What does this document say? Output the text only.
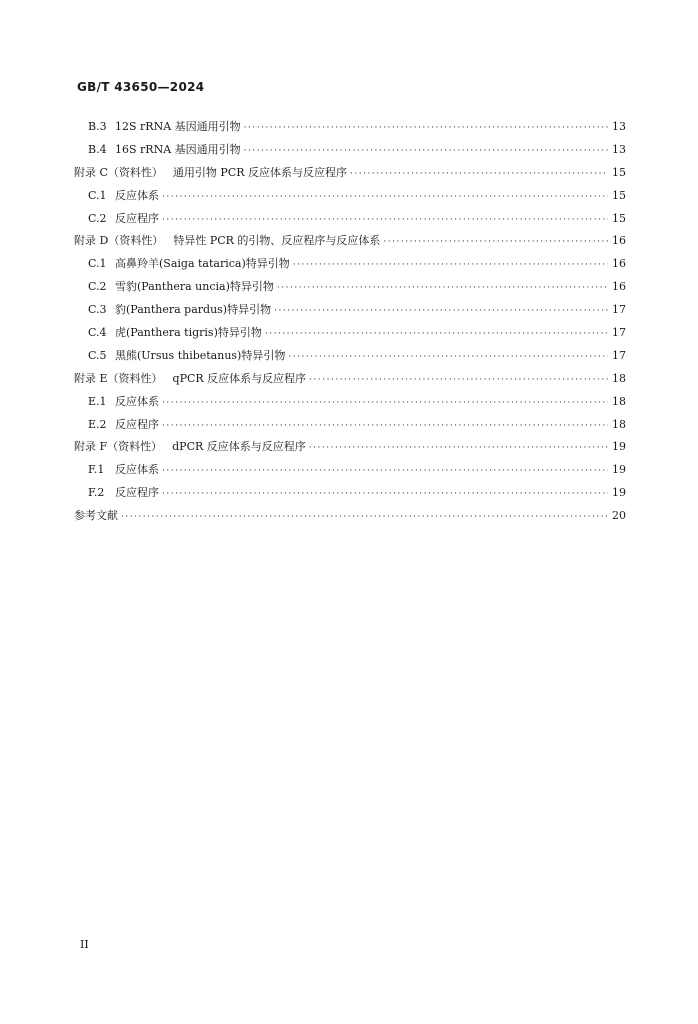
GB/T 43650—2024
B.3 12S rRNA 基因通用引物 ·····	13
B.4 16S rRNA 基因通用引物 ·····	13
附录 C（资料性） 通用引物 PCR 反应体系与反应程序 ·····	15
C.1 反应体系 ·····	15
C.2 反应程序 ·····	15
附录 D（资料性） 特异性 PCR 的引物、反应程序与反应体系 ·····	16
C.1 高鼻羚羊(Saiga tatarica)特异引物 ·····	16
C.2 雪豹(Panthera uncia)特异引物 ·····	16
C.3 豹(Panthera pardus)特异引物 ·····	17
C.4 虎(Panthera tigris)特异引物 ·····	17
C.5 黑熊(Ursus thibetanus)特异引物 ·····	17
附录 E（资料性） qPCR 反应体系与反应程序 ·····	18
E.1 反应体系 ·····	18
E.2 反应程序 ·····	18
附录 F（资料性） dPCR 反应体系与反应程序 ·····	19
F.1 反应体系 ·····	19
F.2 反应程序 ·····	19
参考文献 ·····	20
II
